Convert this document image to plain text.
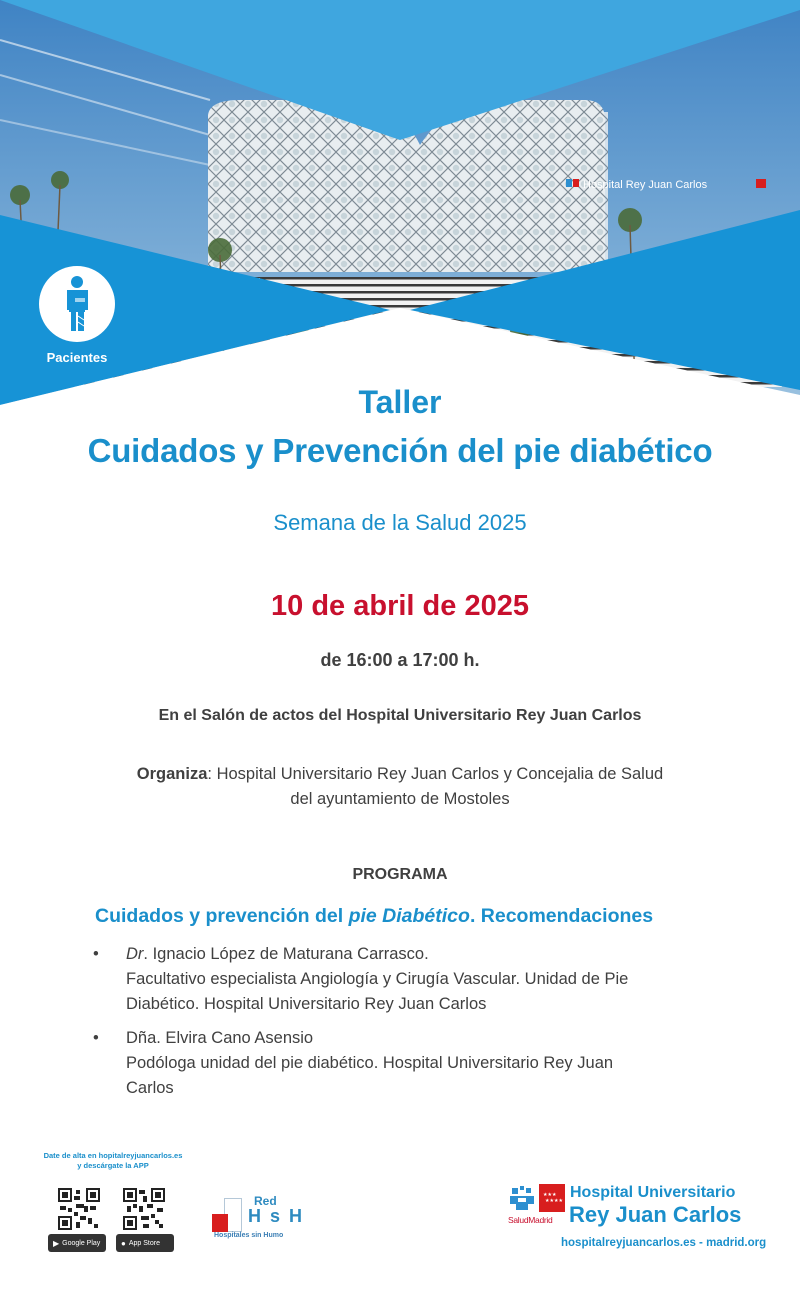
Hospital Rey Juan Carlos
Pacientes
Taller
Cuidados y Prevención del pie diabético
Semana de la Salud 2025
10 de abril de 2025
de 16:00 a 17:00 h.
En el Salón de actos del Hospital Universitario Rey Juan Carlos
Organiza: Hospital Universitario Rey Juan Carlos y Concejalia de Salud
del ayuntamiento de Mostoles
PROGRAMA
Cuidados y prevención del pie Diabético. Recomendaciones
• Dr. Ignacio López de Maturana Carrasco.
Facultativo especialista Angiología y Cirugía Vascular. Unidad de Pie
Diabético. Hospital Universitario Rey Juan Carlos
• Dña. Elvira Cano Asensio
Podóloga unidad del pie diabético. Hospital Universitario Rey Juan
Carlos
Date de alta en hopitalreyjuancarlos.es
y descárgate la APP
▶ Google Play	● App Store
Red
H s H
Hospitales sin Humo
★★★
★★★★
SaludMadrid
Hospital Universitario
Rey Juan Carlos
hospitalreyjuancarlos.es - madrid.org
